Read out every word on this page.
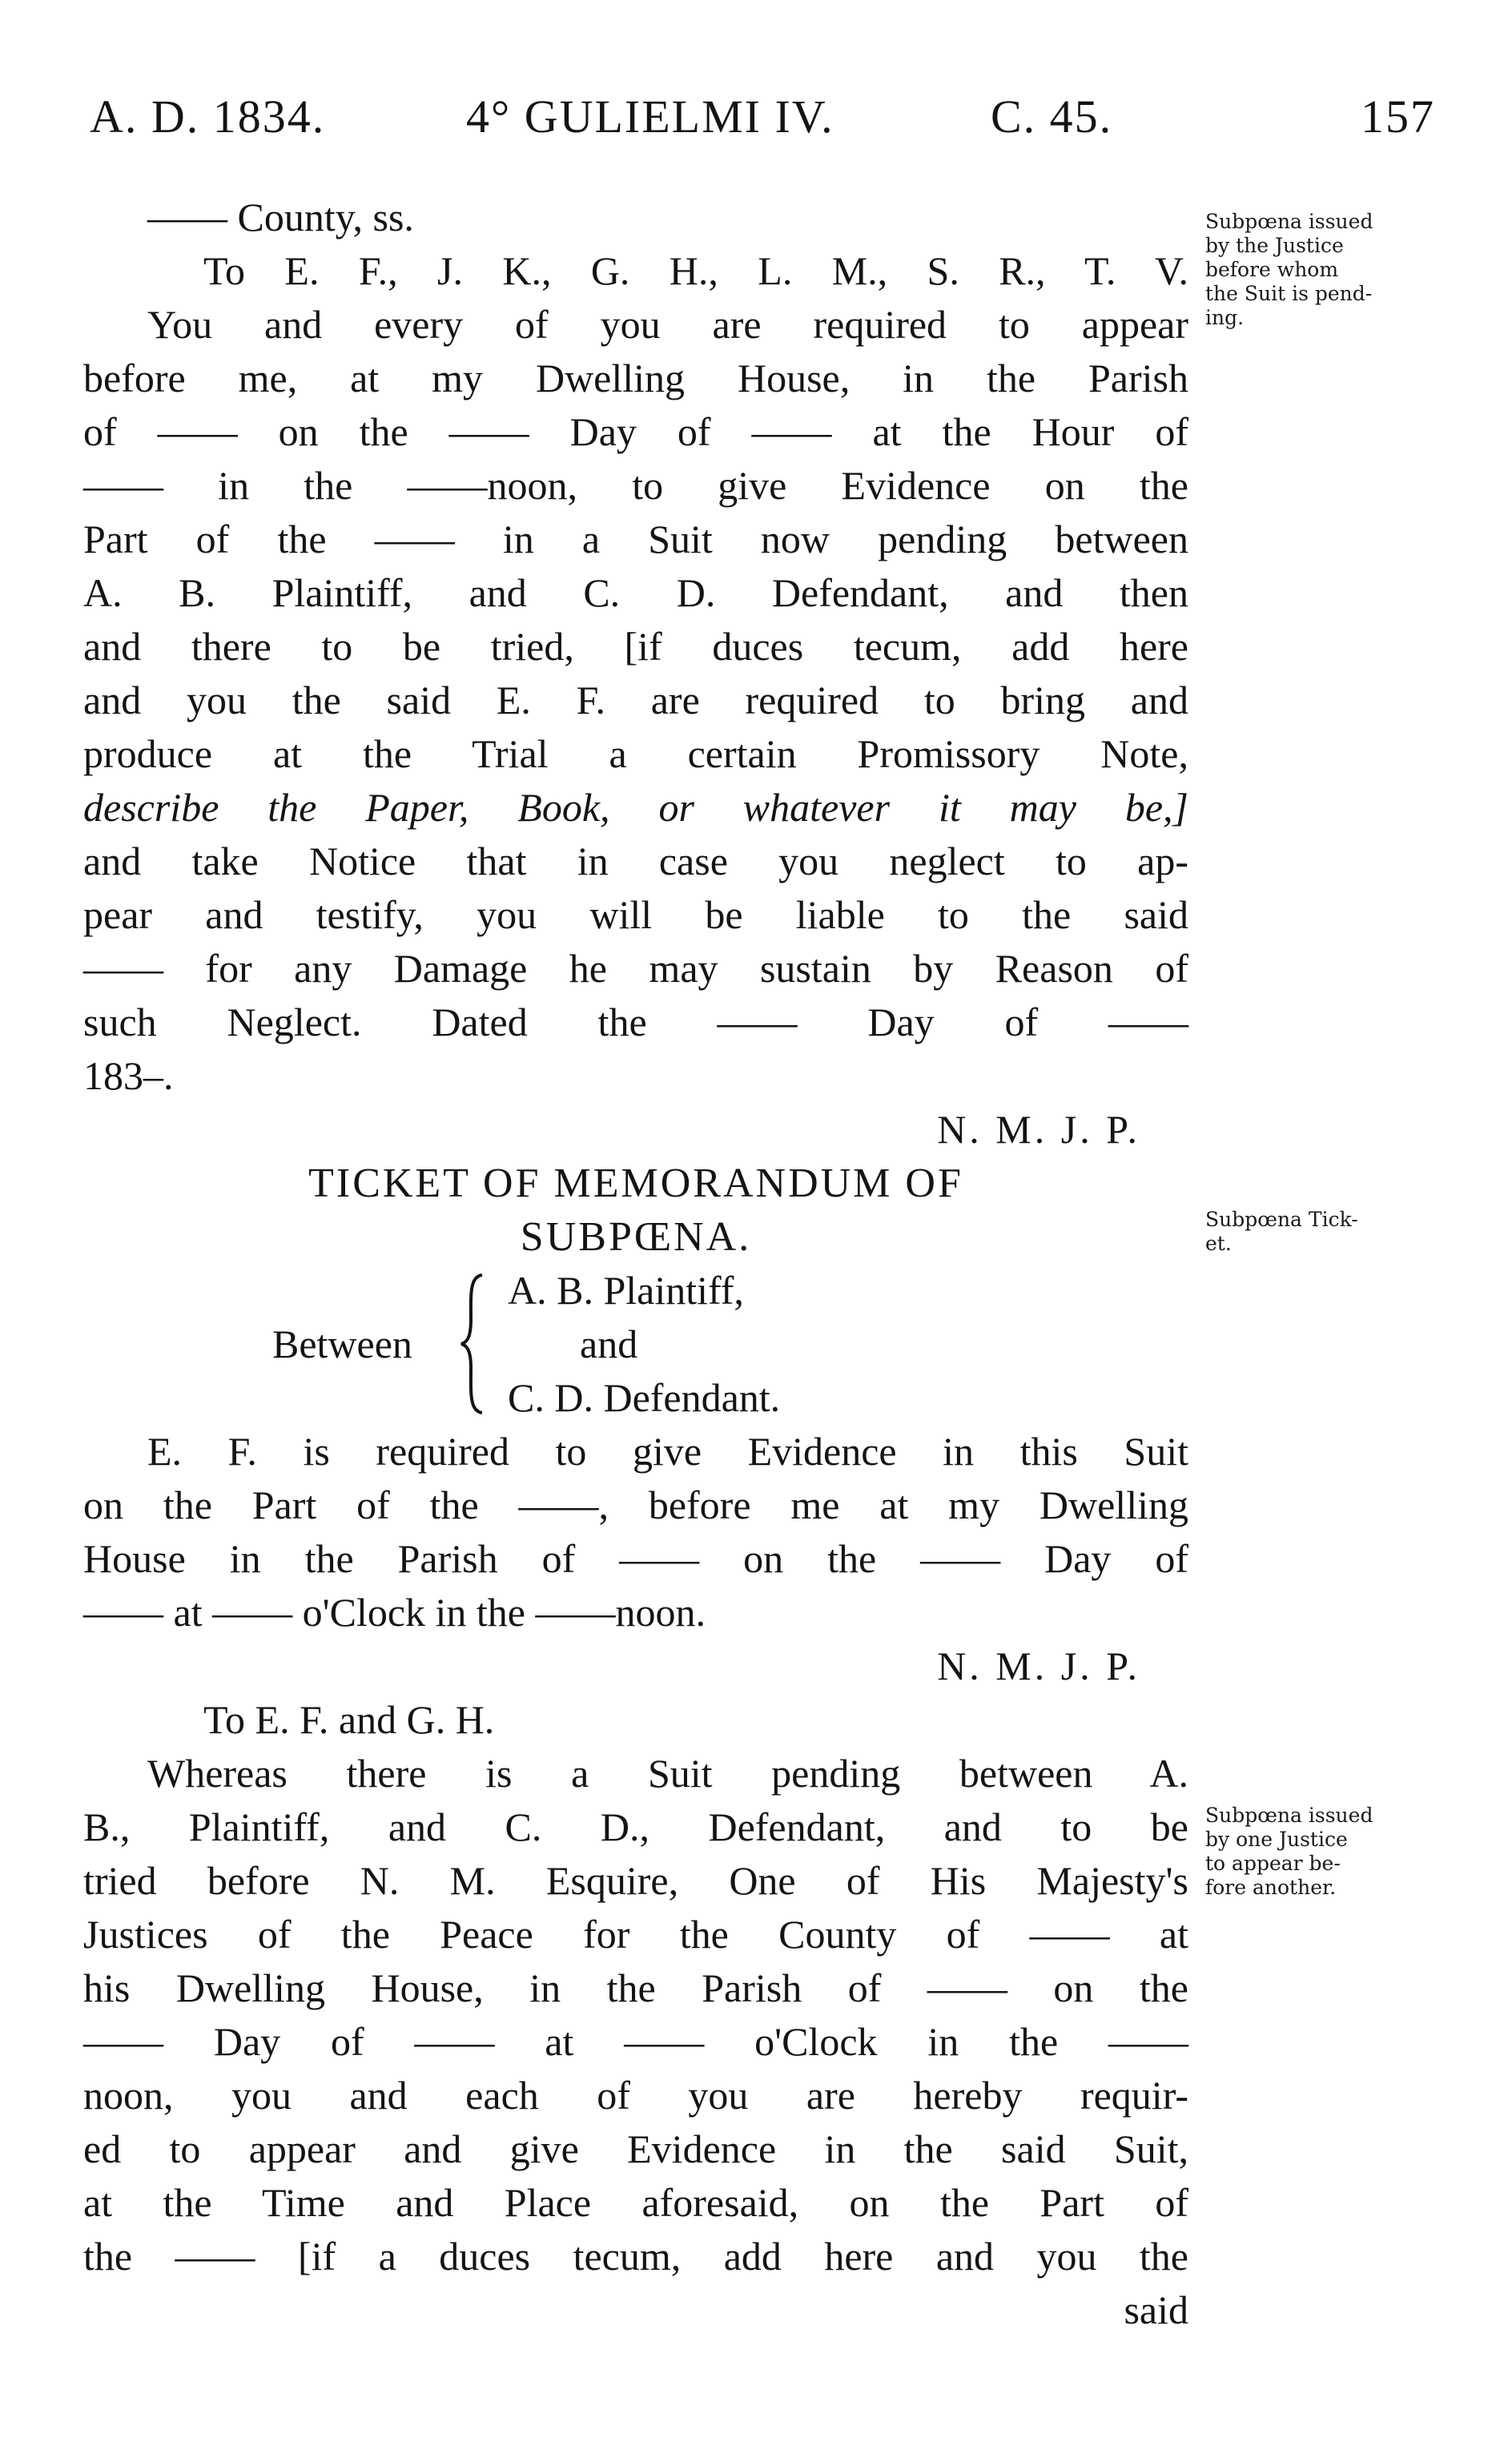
A. D. 1834.	4° GULIELMI IV.	C. 45.	157
—— County, ss.
To E. F., J. K., G. H., L. M., S. R., T. V.
You and every of you are required to appear
before me, at my Dwelling House, in the Parish
of —— on the —— Day of —— at the Hour of
—— in the ——noon, to give Evidence on the
Part of the —— in a Suit now pending between
A. B. Plaintiff, and C. D. Defendant, and then
and there to be tried, [if duces tecum, add here
and you the said E. F. are required to bring and
produce at the Trial a certain Promissory Note,
describe the Paper, Book, or whatever it may be,]
and take Notice that in case you neglect to ap-
pear and testify, you will be liable to the said
—— for any Damage he may sustain by Reason of
such Neglect. Dated the —— Day of ——
183–.
N. M. J. P.
TICKET OF MEMORANDUM OF
SUBPŒNA.
Between
A. B. Plaintiff,
and
C. D. Defendant.
E. F. is required to give Evidence in this Suit
on the Part of the ——, before me at my Dwelling
House in the Parish of —— on the —— Day of
—— at —— o'Clock in the ——noon.
N. M. J. P.
To E. F. and G. H.
Whereas there is a Suit pending between A.
B., Plaintiff, and C. D., Defendant, and to be
tried before N. M. Esquire, One of His Majesty's
Justices of the Peace for the County of —— at
his Dwelling House, in the Parish of —— on the
—— Day of —— at —— o'Clock in the ——
noon, you and each of you are hereby requir-
ed to appear and give Evidence in the said Suit,
at the Time and Place aforesaid, on the Part of
the —— [if a duces tecum, add here and you the
said
Subpœna issued
by the Justice
before whom
the Suit is pend-
ing.
Subpœna Tick-
et.
Subpœna issued
by one Justice
to appear be-
fore another.
